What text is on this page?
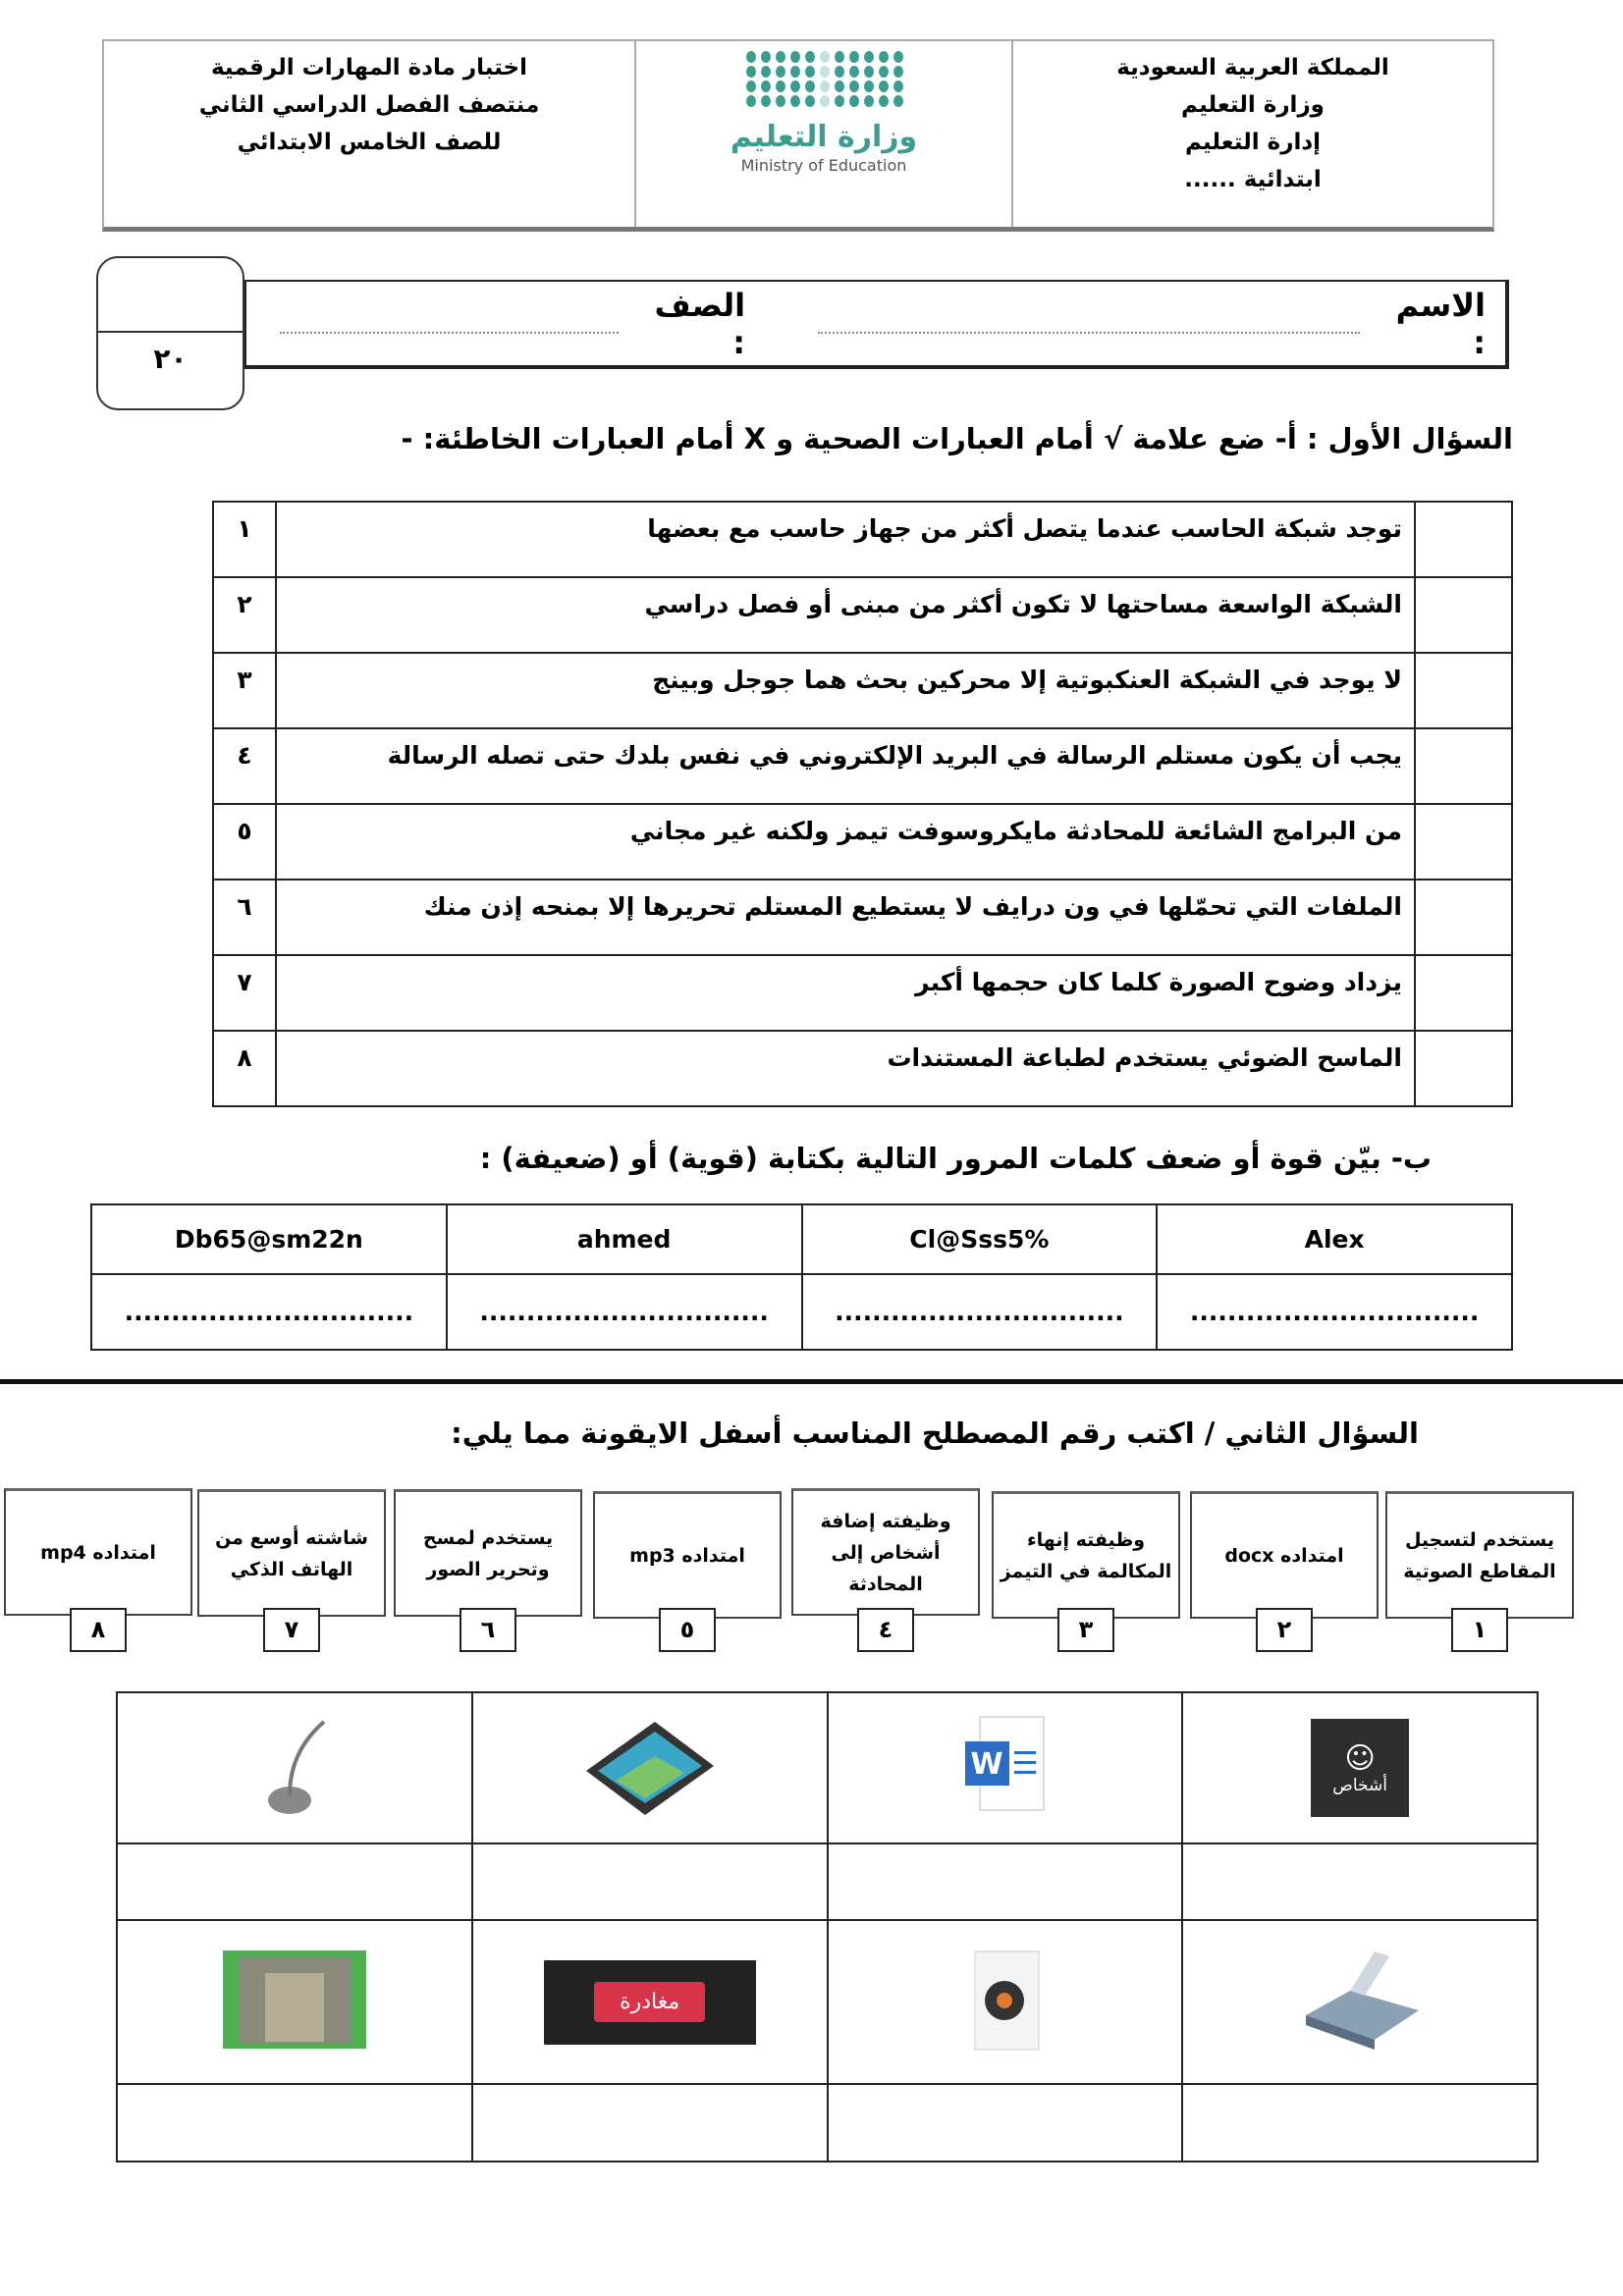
المملكة العربية السعودية
وزارة التعليم
إدارة التعليم
ابتدائية ......
وزارة التعليم
Ministry of Education
اختبار مادة المهارات الرقمية
منتصف الفصل الدراسي الثاني
للصف الخامس الابتدائي
٢٠
الاسم :
الصف :
السؤال الأول : أ- ضع علامة √ أمام العبارات الصحية و X أمام العبارات الخاطئة: -
١	توجد شبكة الحاسب عندما يتصل أكثر من جهاز حاسب مع بعضها	
٢	الشبكة الواسعة مساحتها لا تكون أكثر من مبنى أو فصل دراسي	
٣	لا يوجد في الشبكة العنكبوتية إلا محركين بحث هما جوجل وبينج	
٤	يجب أن يكون مستلم الرسالة في البريد الإلكتروني في نفس بلدك حتى تصله الرسالة	
٥	من البرامج الشائعة للمحادثة مايكروسوفت تيمز ولكنه غير مجاني	
٦	الملفات التي تحمّلها في ون درايف لا يستطيع المستلم تحريرها إلا بمنحه إذن منك	
٧	يزداد وضوح الصورة كلما كان حجمها أكبر	
٨	الماسح الضوئي يستخدم لطباعة المستندات	
ب- بيّن قوة أو ضعف كلمات المرور التالية بكتابة (قوية) أو (ضعيفة) :
Db65@sm22n	ahmed	Cl@Sss5%	Alex
...............................	...............................	...............................	...............................
السؤال الثاني / اكتب رقم المصطلح المناسب أسفل الايقونة مما يلي:
يستخدم لتسجيل المقاطع الصوتية
١
امتداده docx
٢
وظيفته إنهاء المكالمة في التيمز
٣
وظيفته إضافة أشخاص إلى المحادثة
٤
امتداده mp3
٥
يستخدم لمسح وتحرير الصور
٦
شاشته أوسع من الهاتف الذكي
٧
امتداده mp4
٨

W	☺
أشخاص

مغادرة
